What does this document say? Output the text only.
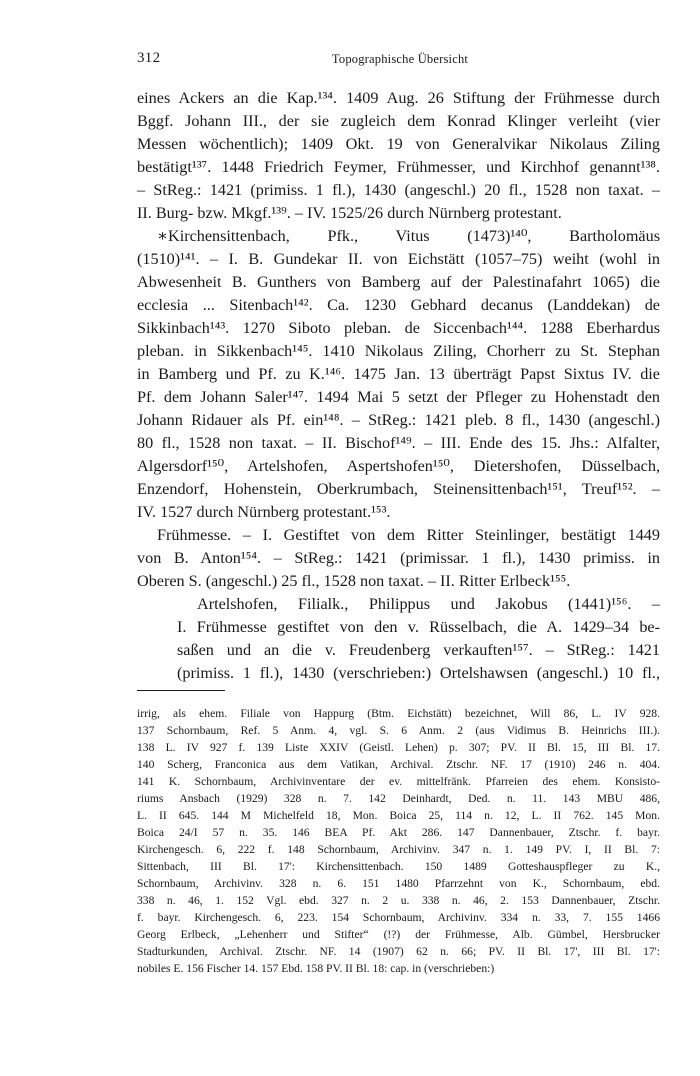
312	Topographische Übersicht
eines Ackers an die Kap.¹³⁴. 1409 Aug. 26 Stiftung der Frühmesse durch
Bggf. Johann III., der sie zugleich dem Konrad Klinger verleiht (vier
Messen wöchentlich); 1409 Okt. 19 von Generalvikar Nikolaus Ziling
bestätigt¹³⁷. 1448 Friedrich Feymer, Frühmesser, und Kirchhof genannt¹³⁸.
– StReg.: 1421 (primiss. 1 fl.), 1430 (angeschl.) 20 fl., 1528 non taxat. –
II. Burg- bzw. Mkgf.¹³⁹. – IV. 1525/26 durch Nürnberg protestant.
∗Kirchensittenbach, Pfk., Vitus (1473)¹⁴⁰, Bartholomäus
(1510)¹⁴¹. – I. B. Gundekar II. von Eichstätt (1057–75) weiht (wohl in
Abwesenheit B. Gunthers von Bamberg auf der Palestinafahrt 1065) die
ecclesia ... Sitenbach¹⁴². Ca. 1230 Gebhard decanus (Landdekan) de
Sikkinbach¹⁴³. 1270 Siboto pleban. de Siccenbach¹⁴⁴. 1288 Eberhardus
pleban. in Sikkenbach¹⁴⁵. 1410 Nikolaus Ziling, Chorherr zu St. Stephan
in Bamberg und Pf. zu K.¹⁴⁶. 1475 Jan. 13 überträgt Papst Sixtus IV. die
Pf. dem Johann Saler¹⁴⁷. 1494 Mai 5 setzt der Pfleger zu Hohenstadt den
Johann Ridauer als Pf. ein¹⁴⁸. – StReg.: 1421 pleb. 8 fl., 1430 (angeschl.)
80 fl., 1528 non taxat. – II. Bischof¹⁴⁹. – III. Ende des 15. Jhs.: Alfalter,
Algersdorf¹⁵⁰, Artelshofen, Aspertshofen¹⁵⁰, Dietershofen, Düsselbach,
Enzendorf, Hohenstein, Oberkrumbach, Steinensittenbach¹⁵¹, Treuf¹⁵². –
IV. 1527 durch Nürnberg protestant.¹⁵³.
Frühmesse. – I. Gestiftet von dem Ritter Steinlinger, bestätigt 1449
von B. Anton¹⁵⁴. – StReg.: 1421 (primissar. 1 fl.), 1430 primiss. in
Oberen S. (angeschl.) 25 fl., 1528 non taxat. – II. Ritter Erlbeck¹⁵⁵.
Artelshofen, Filialk., Philippus und Jakobus (1441)¹⁵⁶. –
I. Frühmesse gestiftet von den v. Rüsselbach, die A. 1429–34 be-
saßen und an die v. Freudenberg verkauften¹⁵⁷. – StReg.: 1421
(primiss. 1 fl.), 1430 (verschrieben:) Ortelshawsen (angeschl.) 10 fl.,
irrig, als ehem. Filiale von Happurg (Btm. Eichstätt) bezeichnet, Will 86, L. IV 928.
137 Schornbaum, Ref. 5 Anm. 4, vgl. S. 6 Anm. 2 (aus Vidimus B. Heinrichs III.).
138 L. IV 927 f. 139 Liste XXIV (Geistl. Lehen) p. 307; PV. II Bl. 15, III Bl. 17.
140 Scherg, Franconica aus dem Vatikan, Archival. Ztschr. NF. 17 (1910) 246 n. 404.
141 K. Schornbaum, Archivinventare der ev. mittelfränk. Pfarreien des ehem. Konsisto-
riums Ansbach (1929) 328 n. 7. 142 Deinhardt, Ded. n. 11. 143 MBU 486,
L. II 645. 144 M Michelfeld 18, Mon. Boica 25, 114 n. 12, L. II 762. 145 Mon.
Boica 24/I 57 n. 35. 146 BEA Pf. Akt 286. 147 Dannenbauer, Ztschr. f. bayr.
Kirchengesch. 6, 222 f. 148 Schornbaum, Archivinv. 347 n. 1. 149 PV. I, II Bl. 7:
Sittenbach, III Bl. 17': Kirchensittenbach. 150 1489 Gotteshauspfleger zu K.,
Schornbaum, Archivinv. 328 n. 6. 151 1480 Pfarrzehnt von K., Schornbaum, ebd.
338 n. 46, 1. 152 Vgl. ebd. 327 n. 2 u. 338 n. 46, 2. 153 Dannenbauer, Ztschr.
f. bayr. Kirchengesch. 6, 223. 154 Schornbaum, Archivinv. 334 n. 33, 7. 155 1466
Georg Erlbeck, „Lehenherr und Stifter“ (!?) der Frühmesse, Alb. Gümbel, Hersbrucker
Stadturkunden, Archival. Ztschr. NF. 14 (1907) 62 n. 66; PV. II Bl. 17', III Bl. 17':
nobiles E. 156 Fischer 14. 157 Ebd. 158 PV. II Bl. 18: cap. in (verschrieben:)
